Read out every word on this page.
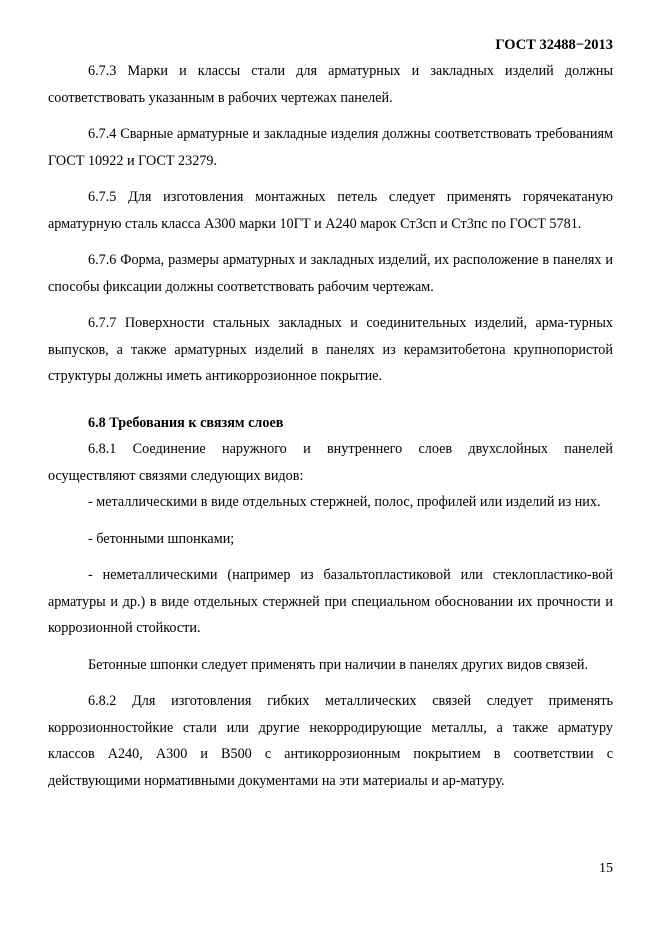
ГОСТ 32488−2013

6.7.3 Марки и классы стали для арматурных и закладных изделий должны соответствовать указанным в рабочих чертежах панелей.

6.7.4 Сварные арматурные и закладные изделия должны соответствовать требованиям ГОСТ 10922 и ГОСТ 23279.

6.7.5 Для изготовления монтажных петель следует применять горячекатаную арматурную сталь класса А300 марки 10ГТ и А240 марок Ст3сп и Ст3пс по ГОСТ 5781.

6.7.6 Форма, размеры арматурных и закладных изделий, их расположение в панелях и способы фиксации должны соответствовать рабочим чертежам.

6.7.7 Поверхности стальных закладных и соединительных изделий, арма-турных выпусков, а также арматурных изделий в панелях из керамзитобетона крупнопористой структуры должны иметь антикоррозионное покрытие.

6.8 Требования к связям слоев

6.8.1 Соединение наружного и внутреннего слоев двухслойных панелей осуществляют связями следующих видов:

- металлическими в виде отдельных стержней, полос, профилей или изделий из них.

- бетонными шпонками;

- неметаллическими (например из базальтопластиковой или стеклопластико-вой арматуры и др.) в виде отдельных стержней при специальном обосновании их прочности и коррозионной стойкости.

Бетонные шпонки следует применять при наличии в панелях других видов связей.

6.8.2 Для изготовления гибких металлических связей следует применять коррозионностойкие стали или другие некорродирующие металлы, а также арматуру классов А240, А300 и В500 с антикоррозионным покрытием в соответствии с действующими нормативными документами на эти материалы и ар-матуру.

15
